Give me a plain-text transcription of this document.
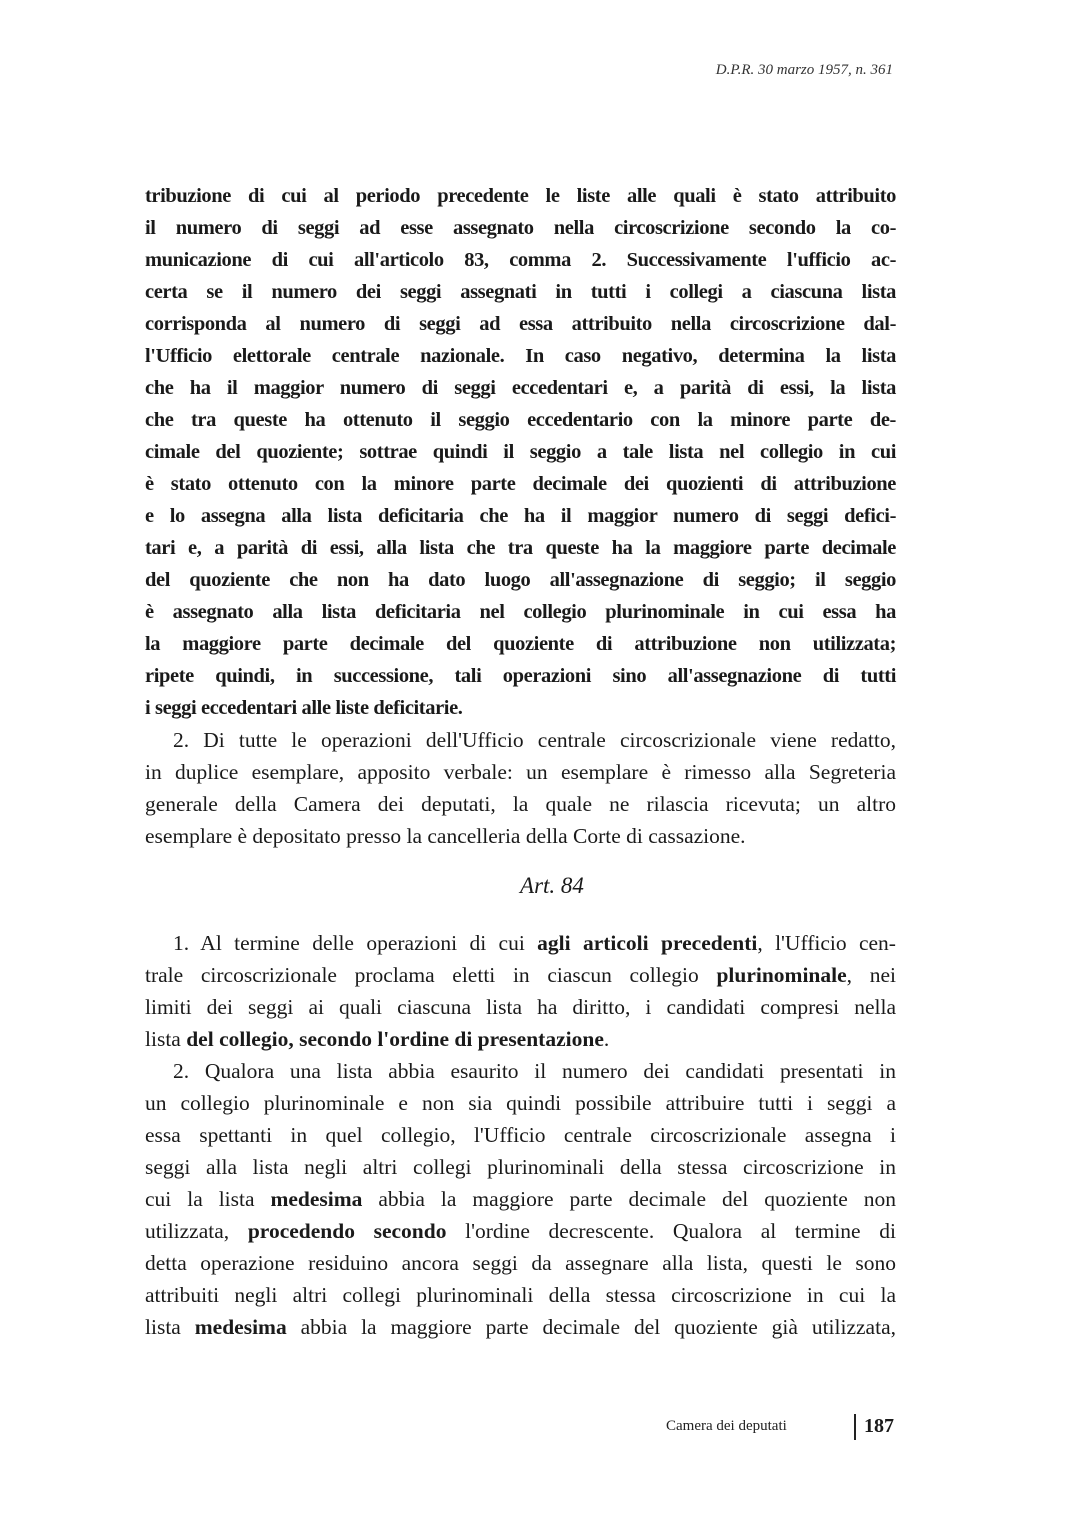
D.P.R. 30 marzo 1957, n. 361
tribuzione di cui al periodo precedente le liste alle quali è stato attribuito
il numero di seggi ad esse assegnato nella circoscrizione secondo la co-
municazione di cui all'articolo 83, comma 2. Successivamente l'ufficio ac-
certa se il numero dei seggi assegnati in tutti i collegi a ciascuna lista
corrisponda al numero di seggi ad essa attribuito nella circoscrizione dal-
l'Ufficio elettorale centrale nazionale. In caso negativo, determina la lista
che ha il maggior numero di seggi eccedentari e, a parità di essi, la lista
che tra queste ha ottenuto il seggio eccedentario con la minore parte de-
cimale del quoziente; sottrae quindi il seggio a tale lista nel collegio in cui
è stato ottenuto con la minore parte decimale dei quozienti di attribuzione
e lo assegna alla lista deficitaria che ha il maggior numero di seggi defici-
tari e, a parità di essi, alla lista che tra queste ha la maggiore parte decimale
del quoziente che non ha dato luogo all'assegnazione di seggio; il seggio
è assegnato alla lista deficitaria nel collegio plurinominale in cui essa ha
la maggiore parte decimale del quoziente di attribuzione non utilizzata;
ripete quindi, in successione, tali operazioni sino all'assegnazione di tutti
i seggi eccedentari alle liste deficitarie.
2. Di tutte le operazioni dell'Ufficio centrale circoscrizionale viene redatto,
in duplice esemplare, apposito verbale: un esemplare è rimesso alla Segreteria
generale della Camera dei deputati, la quale ne rilascia ricevuta; un altro
esemplare è depositato presso la cancelleria della Corte di cassazione.
Art. 84
1. Al termine delle operazioni di cui agli articoli precedenti, l'Ufficio cen-
trale circoscrizionale proclama eletti in ciascun collegio plurinominale, nei
limiti dei seggi ai quali ciascuna lista ha diritto, i candidati compresi nella
lista del collegio, secondo l'ordine di presentazione.
2. Qualora una lista abbia esaurito il numero dei candidati presentati in
un collegio plurinominale e non sia quindi possibile attribuire tutti i seggi a
essa spettanti in quel collegio, l'Ufficio centrale circoscrizionale assegna i
seggi alla lista negli altri collegi plurinominali della stessa circoscrizione in
cui la lista medesima abbia la maggiore parte decimale del quoziente non
utilizzata, procedendo secondo l'ordine decrescente. Qualora al termine di
detta operazione residuino ancora seggi da assegnare alla lista, questi le sono
attribuiti negli altri collegi plurinominali della stessa circoscrizione in cui la
lista medesima abbia la maggiore parte decimale del quoziente già utilizzata,
Camera dei deputati	187
